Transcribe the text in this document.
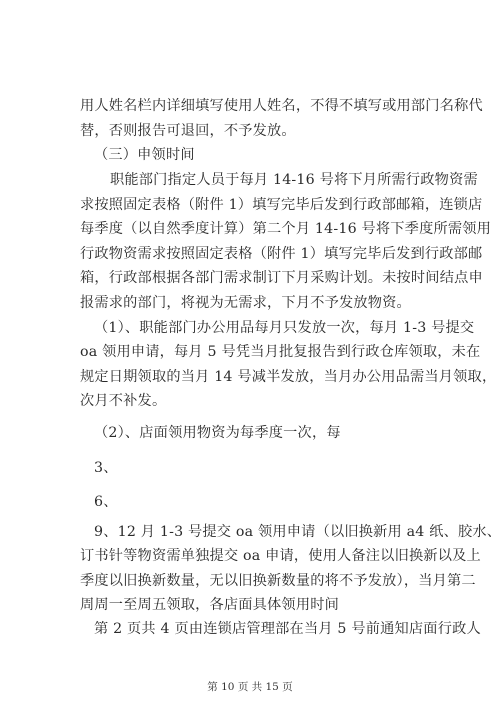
用人姓名栏内详细填写使用人姓名，不得不填写或用部门名称代
替，否则报告可退回，不予发放。
（三）申领时间
职能部门指定人员于每月 14-16 号将下月所需行政物资需
求按照固定表格（附件 1）填写完毕后发到行政部邮箱，连锁店
每季度（以自然季度计算）第二个月 14-16 号将下季度所需领用
行政物资需求按照固定表格（附件 1）填写完毕后发到行政部邮
箱，行政部根据各部门需求制订下月采购计划。未按时间结点申
报需求的部门，将视为无需求，下月不予发放物资。
（1）、职能部门办公用品每月只发放一次，每月 1-3 号提交
oa 领用申请，每月 5 号凭当月批复报告到行政仓库领取，未在
规定日期领取的当月 14 号减半发放，当月办公用品需当月领取，
次月不补发。
（2）、店面领用物资为每季度一次，每
3、
6、
9、12 月 1-3 号提交 oa 领用申请（以旧换新用 a4 纸、胶水、
订书针等物资需单独提交 oa 申请，使用人备注以旧换新以及上
季度以旧换新数量，无以旧换新数量的将不予发放），当月第二
周周一至周五领取，各店面具体领用时间
第 2 页共 4 页由连锁店管理部在当月 5 号前通知店面行政人
第 10 页 共 15 页
